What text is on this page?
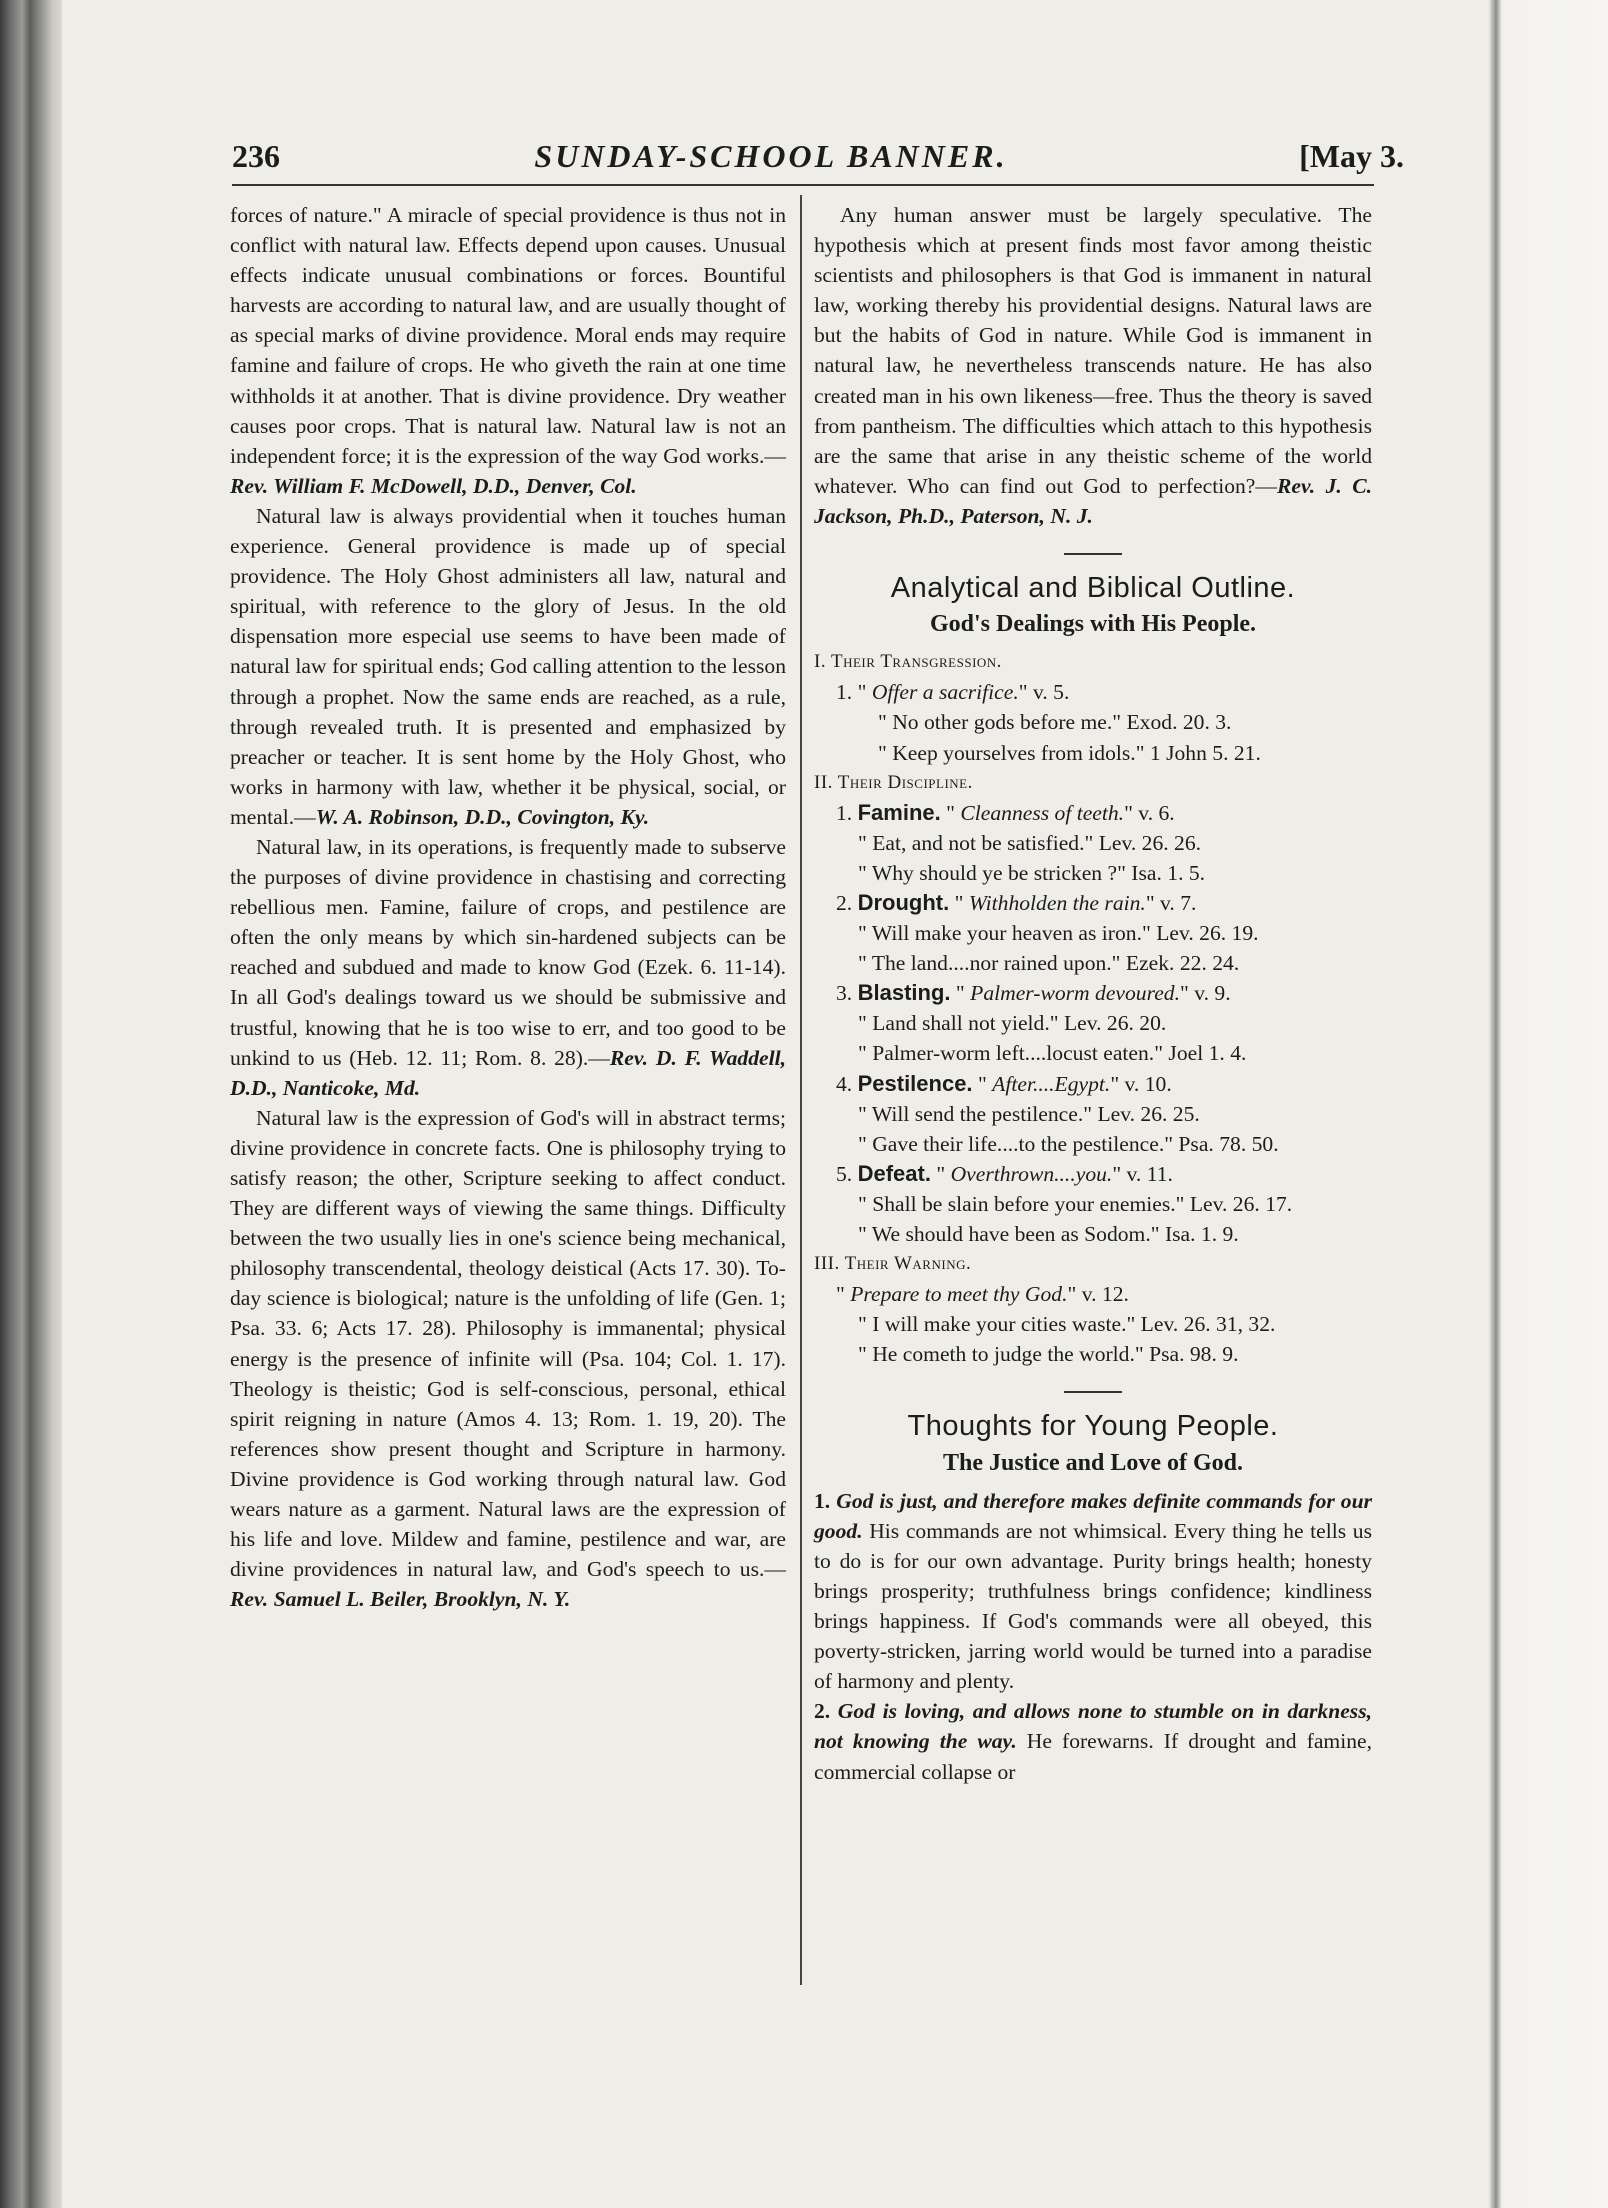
236	SUNDAY-SCHOOL BANNER.	[May 3.

forces of nature." A miracle of special providence is thus not in conflict with natural law. Effects depend upon causes. Unusual effects indicate unusual combinations or forces. Bountiful harvests are according to natural law, and are usually thought of as special marks of divine providence. Moral ends may require famine and failure of crops. He who giveth the rain at one time withholds it at another. That is divine providence. Dry weather causes poor crops. That is natural law. Natural law is not an independent force; it is the expression of the way God works.—Rev. William F. McDowell, D.D., Denver, Col.

Natural law is always providential when it touches human experience. General providence is made up of special providence. The Holy Ghost administers all law, natural and spiritual, with reference to the glory of Jesus. In the old dispensation more especial use seems to have been made of natural law for spiritual ends; God calling attention to the lesson through a prophet. Now the same ends are reached, as a rule, through revealed truth. It is presented and emphasized by preacher or teacher. It is sent home by the Holy Ghost, who works in harmony with law, whether it be physical, social, or mental.—W. A. Robinson, D.D., Covington, Ky.

Natural law, in its operations, is frequently made to subserve the purposes of divine providence in chastising and correcting rebellious men. Famine, failure of crops, and pestilence are often the only means by which sin-hardened subjects can be reached and subdued and made to know God (Ezek. 6. 11-14). In all God's dealings toward us we should be submissive and trustful, knowing that he is too wise to err, and too good to be unkind to us (Heb. 12. 11; Rom. 8. 28).—Rev. D. F. Waddell, D.D., Nanticoke, Md.

Natural law is the expression of God's will in abstract terms; divine providence in concrete facts. One is philosophy trying to satisfy reason; the other, Scripture seeking to affect conduct. They are different ways of viewing the same things. Difficulty between the two usually lies in one's science being mechanical, philosophy transcendental, theology deistical (Acts 17. 30). To-day science is biological; nature is the unfolding of life (Gen. 1; Psa. 33. 6; Acts 17. 28). Philosophy is immanental; physical energy is the presence of infinite will (Psa. 104; Col. 1. 17). Theology is theistic; God is self-conscious, personal, ethical spirit reigning in nature (Amos 4. 13; Rom. 1. 19, 20). The references show present thought and Scripture in harmony. Divine providence is God working through natural law. God wears nature as a garment. Natural laws are the expression of his life and love. Mildew and famine, pestilence and war, are divine providences in natural law, and God's speech to us.—Rev. Samuel L. Beiler, Brooklyn, N. Y.

Any human answer must be largely speculative. The hypothesis which at present finds most favor among theistic scientists and philosophers is that God is immanent in natural law, working thereby his providential designs. Natural laws are but the habits of God in nature. While God is immanent in natural law, he nevertheless transcends nature. He has also created man in his own likeness—free. Thus the theory is saved from pantheism. The difficulties which attach to this hypothesis are the same that arise in any theistic scheme of the world whatever. Who can find out God to perfection?—Rev. J. C. Jackson, Ph.D., Paterson, N. J.

Analytical and Biblical Outline.
God's Dealings with His People.
I. Their Transgression.
1. " Offer a sacrifice." v. 5.
" No other gods before me." Exod. 20. 3.
" Keep yourselves from idols." 1 John 5. 21.
II. Their Discipline.
1. Famine. " Cleanness of teeth." v. 6.
" Eat, and not be satisfied." Lev. 26. 26.
" Why should ye be stricken ?" Isa. 1. 5.
2. Drought. " Withholden the rain." v. 7.
" Will make your heaven as iron." Lev. 26. 19.
" The land....nor rained upon." Ezek. 22. 24.
3. Blasting. " Palmer-worm devoured." v. 9.
" Land shall not yield." Lev. 26. 20.
" Palmer-worm left....locust eaten." Joel 1. 4.
4. Pestilence. " After....Egypt." v. 10.
" Will send the pestilence." Lev. 26. 25.
" Gave their life....to the pestilence." Psa. 78. 50.
5. Defeat. " Overthrown....you." v. 11.
" Shall be slain before your enemies." Lev. 26. 17.
" We should have been as Sodom." Isa. 1. 9.
III. Their Warning.
" Prepare to meet thy God." v. 12.
" I will make your cities waste." Lev. 26. 31, 32.
" He cometh to judge the world." Psa. 98. 9.
Thoughts for Young People.
The Justice and Love of God.

1. God is just, and therefore makes definite commands for our good. His commands are not whimsical. Every thing he tells us to do is for our own advantage. Purity brings health; honesty brings prosperity; truthfulness brings confidence; kindliness brings happiness. If God's commands were all obeyed, this poverty-stricken, jarring world would be turned into a paradise of harmony and plenty.

2. God is loving, and allows none to stumble on in darkness, not knowing the way. He forewarns. If drought and famine, commercial collapse or
